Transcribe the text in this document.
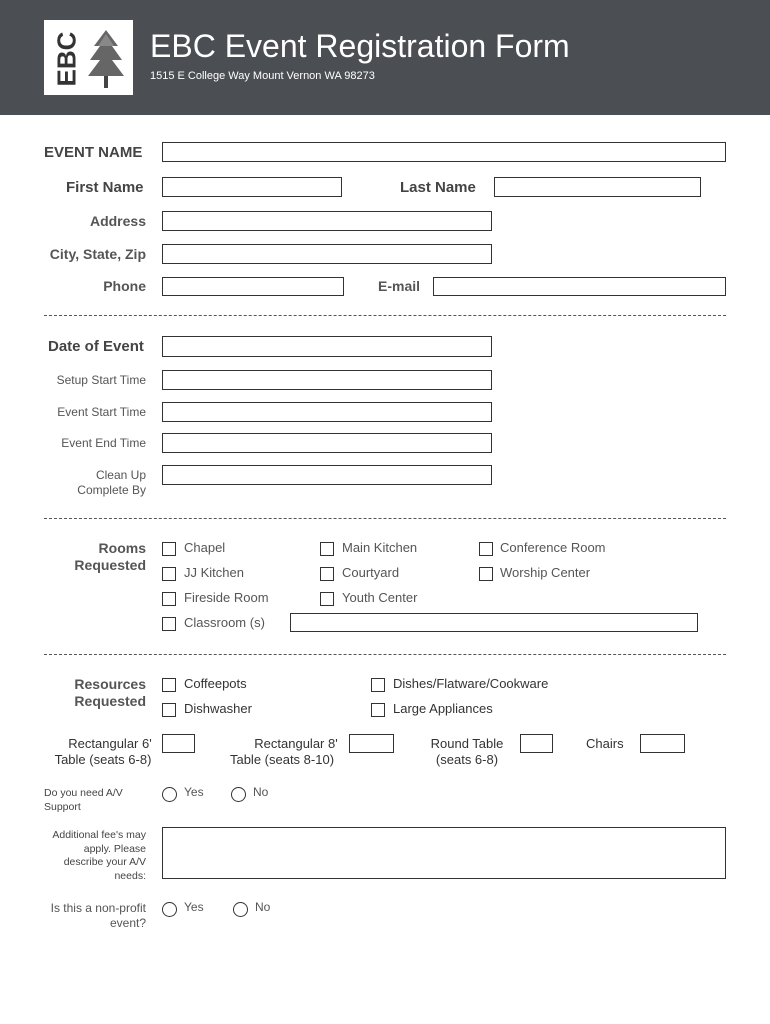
EBC EBC Event Registration Form
1515 E College Way Mount Vernon WA 98273
EVENT NAME
First Name	Last Name
Address
City, State, Zip
Phone	E-mail
Date of Event
Setup Start Time
Event Start Time
Event End Time
Clean Up
Complete By
Rooms
Requested
Chapel	Main Kitchen	Conference Room
JJ Kitchen	Courtyard	Worship Center
Fireside Room	Youth Center
Classroom (s)
Resources
Requested
Coffeepots	Dishes/Flatware/Cookware
Dishwasher	Large Appliances
Rectangular 6'
Table (seats 6-8)
Rectangular 8'
Table (seats 8-10)
Round Table
(seats 6-8)
Chairs
Do you need A/V
Support
Yes	No
Additional fee's may
apply. Please
describe your A/V
needs:
Is this a non-profit
event?
Yes	No
